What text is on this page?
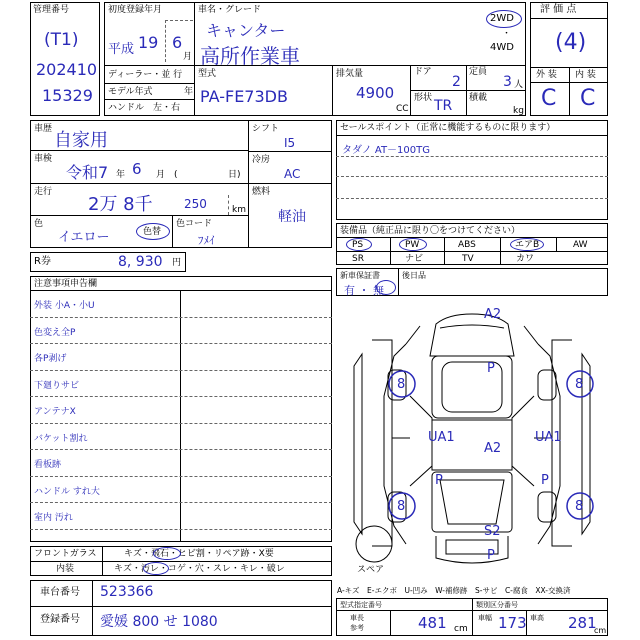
管理番号
(T1)
202410
15329
初度登録年月
平成 19 6
月
ディーラー・並 行
モデル年式	年
ハンドル　左・右
車名・グレード
キャンター
高所作業車
2WD
・
4WD
型式
PA-FE73DB
排気量
4900
CC
ドア
2
定員
3 人
形状 TR 積載
kg
評 価 点
(4)
外 装 内 装
C C
車歴
自家用
車検
令和7 年 6 月 (	日)
走行
2万 8千	250	km
色
イエロー	色替
色コード
ﾌﾒｲ
シフト
I5
冷房
AC
燃料
軽油
R券	8, 930 円
セールスポイント（正常に機能するものに限ります）
タダノ AT－100TG
装備品（純正品に限り〇をつけてください）
PS	PW	ABS	エアB	AW
SR	ナビ	TV	カワ
新車保証書
有 ・ 無
後日品
注意事項申告欄
外装 小A・小U
色変え全P
各P剥げ
下廻りサビ
アンテナX
バケット割れ
看板跡
ハンドル すれ大
室内 汚れ
フロントガラス	キズ・飛石・ヒビ割・リペア跡・X要
内装	キズ・汚レ・コゲ・穴・スレ・キレ・破レ
A2
P
8	8
UA1
A2
UA1
P	P
8	8
S2
P
スペア
A-キズ　E-エクボ　U-凹み　W-補修跡　S-サビ　C-腐食　XX-交換済
車台番号 523366
登録番号 愛媛 800 せ 1080
型式指定番号	類別区分番号
車長
参考	481 cm
車幅 173 車高 281
cm
